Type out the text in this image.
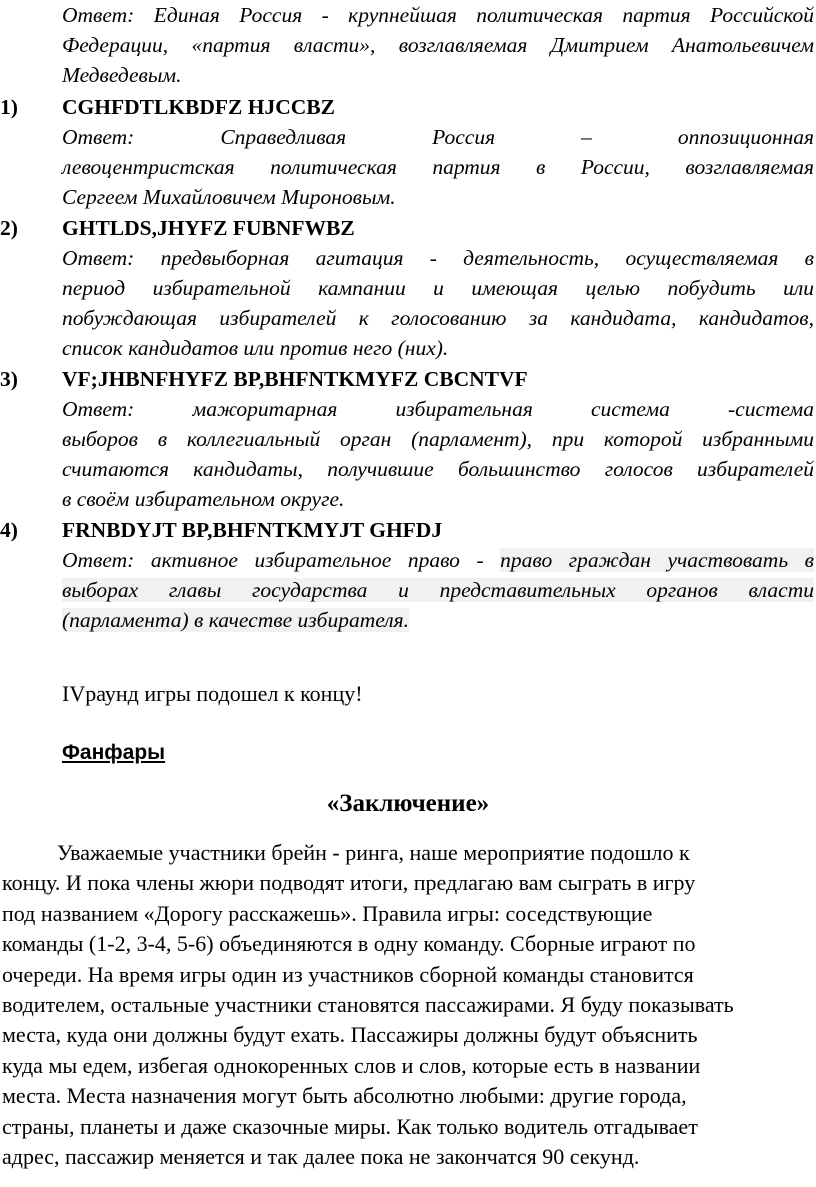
Ответ: Единая Россия - крупнейшая политическая партия Российской
Федерации, «партия власти», возглавляемая Дмитрием Анатольевичем
Медведевым.
1) CGHFDTLKBDFZ HJCCBZ
Ответ: Справедливая Россия – оппозиционная
левоцентристская политическая партия в России, возглавляемая
Сергеем Михайловичем Мироновым.
2) GHTLDS,JHYFZ FUBNFWBZ
Ответ: предвыборная агитация - деятельность, осуществляемая в
период избирательной кампании и имеющая целью побудить или
побуждающая избирателей к голосованию за кандидата, кандидатов,
список кандидатов или против него (них).
3) VF;JHBNFHYFZ BP,BHFNTKMYFZ CBCNTVF
Ответ: мажоритарная избирательная система -система
выборов в коллегиальный орган (парламент), при которой избранными
считаются кандидаты, получившие большинство голосов избирателей
в своём избирательном округе.
4) FRNBDYJT BP,BHFNTKMYJT GHFDJ
Ответ: активное избирательное право - право граждан участвовать в
выборах главы государства и представительных органов власти
(парламента) в качестве избирателя.
IVраунд игры подошел к концу!
Фанфары
«Заключение»
Уважаемые участники брейн - ринга, наше мероприятие подошло к
концу. И пока члены жюри подводят итоги, предлагаю вам сыграть в игру
под названием «Дорогу расскажешь». Правила игры: соседствующие
команды (1-2, 3-4, 5-6) объединяются в одну команду. Сборные играют по
очереди. На время игры один из участников сборной команды становится
водителем, остальные участники становятся пассажирами. Я буду показывать
места, куда они должны будут ехать. Пассажиры должны будут объяснить
куда мы едем, избегая однокоренных слов и слов, которые есть в названии
места. Места назначения могут быть абсолютно любыми: другие города,
страны, планеты и даже сказочные миры. Как только водитель отгадывает
адрес, пассажир меняется и так далее пока не закончатся 90 секунд.
